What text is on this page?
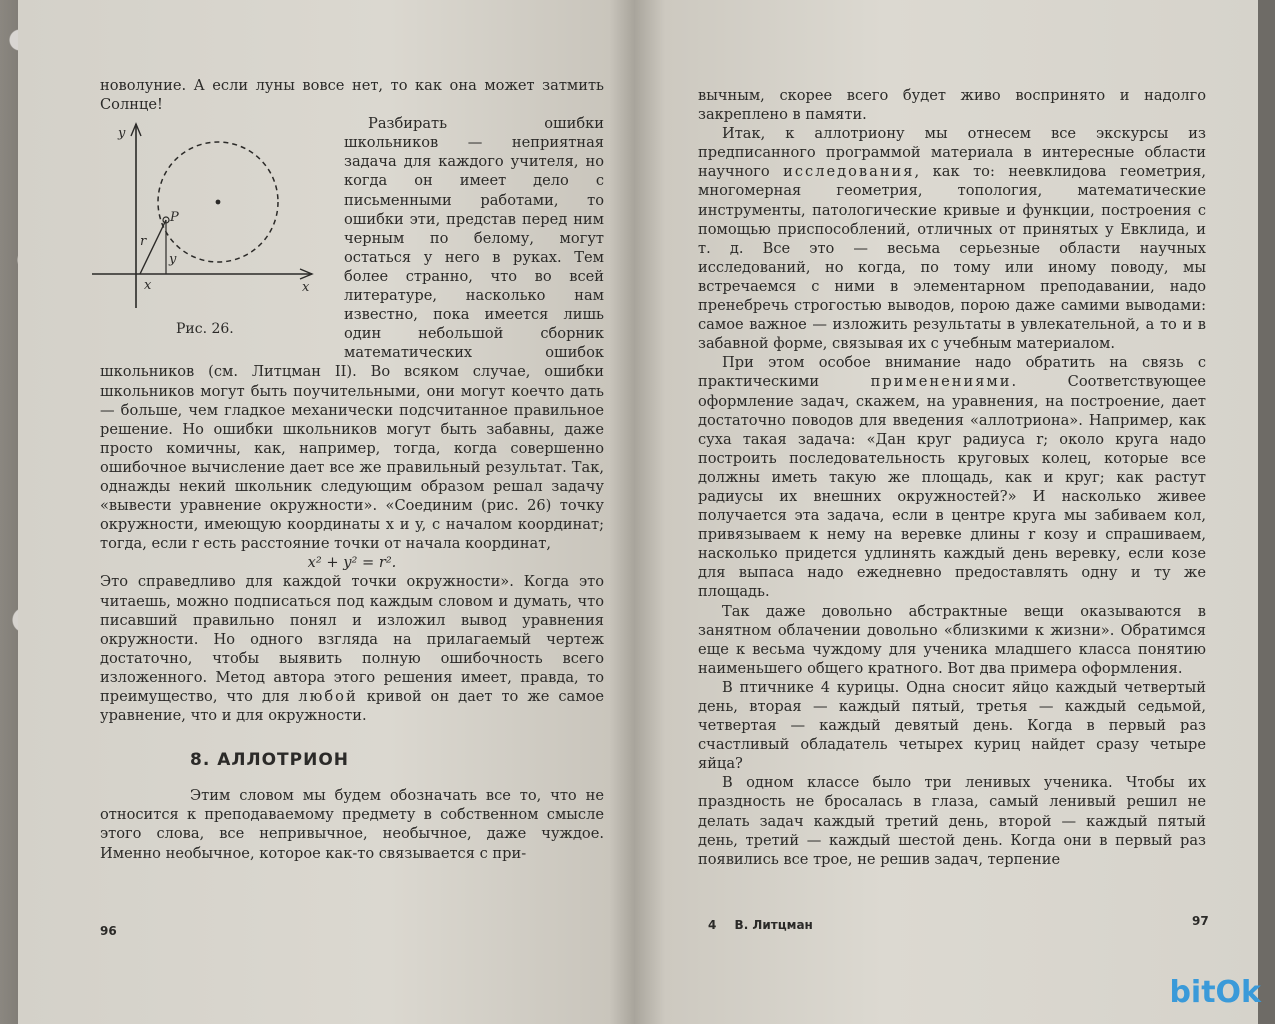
новолуние. А если луны вовсе нет, то как она может затмить Солнце!

y
x
P
r
y
x
Рис. 26.

Разбирать ошибки школьников — неприятная задача для каждого учителя, но когда он имеет дело с письменными работами, то ошибки эти, представ перед ним черным по белому, могут остаться у него в руках. Тем более странно, что во всей литературе, насколько нам известно, пока имеется лишь один небольшой сборник математических ошибок школьников (см. Литцман II). Во всяком случае, ошибки школьников могут быть поучительными, они могут коечто дать — больше, чем гладкое механически подсчитанное правильное решение. Но ошибки школьников могут быть забавны, даже просто комичны, как, например, тогда, когда совершенно ошибочное вычисление дает все же правильный результат. Так, однажды некий школьник следующим образом решал задачу «вывести уравнение окружности». «Соединим (рис. 26) точку окружности, имеющую координаты x и y, с началом координат; тогда, если r есть расстояние точки от начала координат,

x² + y² = r².

Это справедливо для каждой точки окружности». Когда это читаешь, можно подписаться под каждым словом и думать, что писавший правильно понял и изложил вывод уравнения окружности. Но одного взгляда на прилагаемый чертеж достаточно, чтобы выявить полную ошибочность всего изложенного. Метод автора этого решения имеет, правда, то преимущество, что для любой кривой он дает то же самое уравнение, что и для окружности.

8. АЛЛОТРИОН

Этим словом мы будем обозначать все то, что не относится к преподаваемому предмету в собственном смысле этого слова, все непривычное, необычное, даже чуждое. Именно необычное, которое как-то связывается с при-

96

вычным, скорее всего будет живо воспринято и надолго закреплено в памяти.

Итак, к аллотриону мы отнесем все экскурсы из предписанного программой материала в интересные области научного исследования, как то: неевклидова геометрия, многомерная геометрия, топология, математические инструменты, патологические кривые и функции, построения с помощью приспособлений, отличных от принятых у Евклида, и т. д. Все это — весьма серьезные области научных исследований, но когда, по тому или иному поводу, мы встречаемся с ними в элементарном преподавании, надо пренебречь строгостью выводов, порою даже самими выводами: самое важное — изложить результаты в увлекательной, а то и в забавной форме, связывая их с учебным материалом.

При этом особое внимание надо обратить на связь с практическими	применениями. Соответствующее оформление задач, скажем, на уравнения, на построение, дает достаточно поводов для введения «аллотриона». Например, как суха такая задача: «Дан круг радиуса r; около круга надо построить последовательность круговых колец, которые все должны иметь такую же площадь, как и круг; как растут радиусы их внешних окружностей?» И насколько живее получается эта задача, если в центре круга мы забиваем кол, привязываем к нему на веревке длины r козу и спрашиваем, насколько придется удлинять каждый день веревку, если козе для выпаса надо ежедневно предоставлять одну и ту же площадь.

Так даже довольно абстрактные вещи оказываются в занятном облачении довольно «близкими к жизни». Обратимся еще к весьма чуждому для ученика младшего класса понятию наименьшего общего кратного. Вот два примера оформления.

В птичнике 4 курицы. Одна сносит яйцо каждый четвертый день, вторая — каждый пятый, третья — каждый седьмой, четвертая — каждый девятый день. Когда в первый раз счастливый обладатель четырех куриц найдет сразу четыре яйца?

В одном классе было три ленивых ученика. Чтобы их праздность не бросалась в глаза, самый ленивый решил не делать задач каждый третий день, второй — каждый пятый день, третий — каждый шестой день. Когда они в первый раз появились все трое, не решив задач, терпение

4 В. Литцман	97
bitOk
